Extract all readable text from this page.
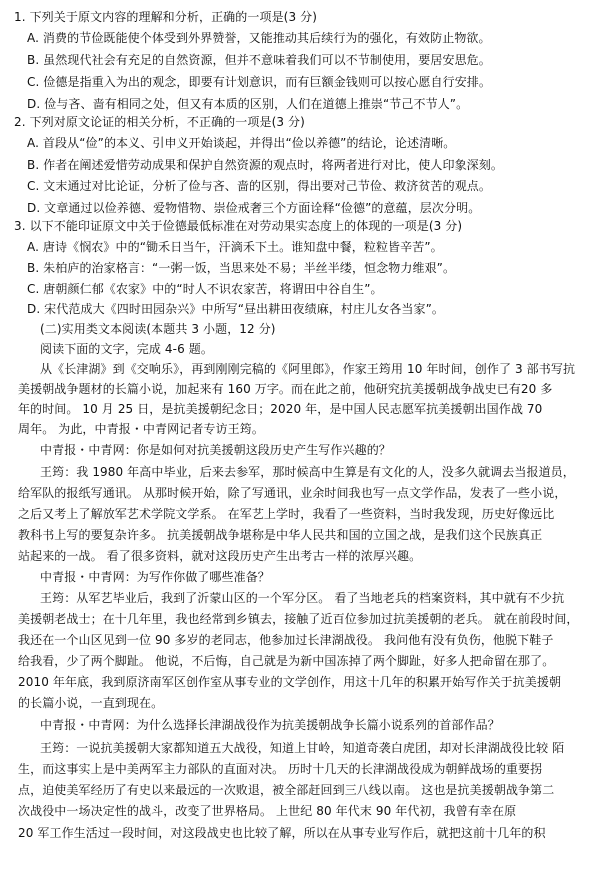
1. 下列关于原文内容的理解和分析，正确的一项是(3 分)
A. 消费的节俭既能使个体受到外界赞誉，又能推动其后续行为的强化，有效防止物欲。
B. 虽然现代社会有充足的自然资源，但并不意味着我们可以不节制使用，要居安思危。
C. 俭德是指重入为出的观念，即要有计划意识，而有巨额金钱则可以按心愿自行安排。
D. 俭与吝、啬有相同之处，但又有本质的区别，人们在道德上推崇“节己不节人”。
2. 下列对原文论证的相关分析，不正确的一项是(3 分)
A. 首段从“俭”的本义、引申义开始谈起，并得出“俭以养德”的结论，论述清晰。
B. 作者在阐述爱惜劳动成果和保护自然资源的观点时，将两者进行对比，使人印象深刻。
C. 文末通过对比论证，分析了俭与吝、啬的区别，得出要对己节俭、救济贫苦的观点。
D. 文章通过以俭养德、爱物惜物、崇俭戒奢三个方面诠释“俭德”的意蕴，层次分明。
3. 以下不能印证原文中关于俭德最低标准在对劳动果实态度上的体现的一项是(3 分)
A. 唐诗《悯农》中的“锄禾日当午，汗滴禾下土。谁知盘中餐，粒粒皆辛苦”。
B. 朱柏庐的治家格言：“一粥一饭，当思来处不易；半丝半缕，恒念物力维艰”。
C. 唐朝颜仁郁《农家》中的“时人不识农家苦，将谓田中谷自生”。
D. 宋代范成大《四时田园杂兴》中所写“昼出耕田夜绩麻，村庄儿女各当家”。
(二)实用类文本阅读(本题共 3 小题，12 分)
阅读下面的文字，完成 4-6 题。
从《长津湖》到《交响乐》，再到刚刚完稿的《阿里郎》，作家王筠用 10 年时间，创作了 3 部书写抗
美援朝战争题材的长篇小说，加起来有 160 万字。而在此之前，他研究抗美援朝战争战史已有20 多
年的时间。 10 月 25 日，是抗美援朝纪念日；2020 年，是中国人民志愿军抗美援朝出国作战 70
周年。 为此，中青报・中青网记者专访王筠。
中青报・中青网：你是如何对抗美援朝这段历史产生写作兴趣的？
王筠：我 1980 年高中毕业，后来去参军，那时候高中生算是有文化的人，没多久就调去当报道员，
给军队的报纸写通讯。 从那时候开始，除了写通讯，业余时间我也写一点文学作品，发表了一些小说，
之后又考上了解放军艺术学院文学系。 在军艺上学时，我看了一些资料，当时我发现，历史好像远比
教科书上写的要复杂许多。 抗美援朝战争堪称是中华人民共和国的立国之战，是我们这个民族真正
站起来的一战。 看了很多资料，就对这段历史产生出考古一样的浓厚兴趣。
中青报・中青网：为写作你做了哪些准备？
王筠：从军艺毕业后，我到了沂蒙山区的一个军分区。 看了当地老兵的档案资料，其中就有不少抗
美援朝老战士；在十几年里，我也经常到乡镇去，接触了近百位参加过抗美援朝的老兵。 就在前段时间，
我还在一个山区见到一位 90 多岁的老同志，他参加过长津湖战役。 我问他有没有负伤，他脱下鞋子
给我看，少了两个脚趾。 他说，不后悔，自己就是为新中国冻掉了两个脚趾，好多人把命留在那了。
2010 年年底，我到原济南军区创作室从事专业的文学创作，用这十几年的积累开始写作关于抗美援朝
的长篇小说，一直到现在。
中青报・中青网：为什么选择长津湖战役作为抗美援朝战争长篇小说系列的首部作品？
王筠：一说抗美援朝大家都知道五大战役，知道上甘岭，知道奇袭白虎团，却对长津湖战役比较 陌
生，而这事实上是中美两军主力部队的直面对决。 历时十几天的长津湖战役成为朝鲜战场的重要拐
点，迫使美军经历了有史以来最远的一次败退，被全部赶回到三八线以南。 这也是抗美援朝战争第二
次战役中一场决定性的战斗，改变了世界格局。 上世纪 80 年代末 90 年代初，我曾有幸在原
20 军工作生活过一段时间，对这段战史也比较了解，所以在从事专业写作后，就把这前十几年的积
